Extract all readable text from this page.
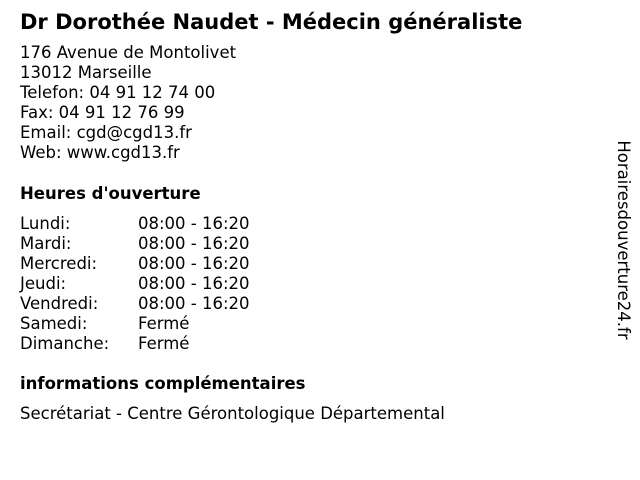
Dr Dorothée Naudet - Médecin généraliste
176 Avenue de Montolivet
13012 Marseille
Telefon: 04 91 12 74 00
Fax: 04 91 12 76 99
Email: cgd@cgd13.fr
Web: www.cgd13.fr
Heures d'ouverture
Lundi:	08:00 - 16:20
Mardi:	08:00 - 16:20
Mercredi: 08:00 - 16:20
Jeudi:	08:00 - 16:20
Vendredi: 08:00 - 16:20
Samedi:	Fermé
Dimanche: Fermé
informations complémentaires
Secrétariat - Centre Gérontologique Départemental
Horairesdouverture24.fr
